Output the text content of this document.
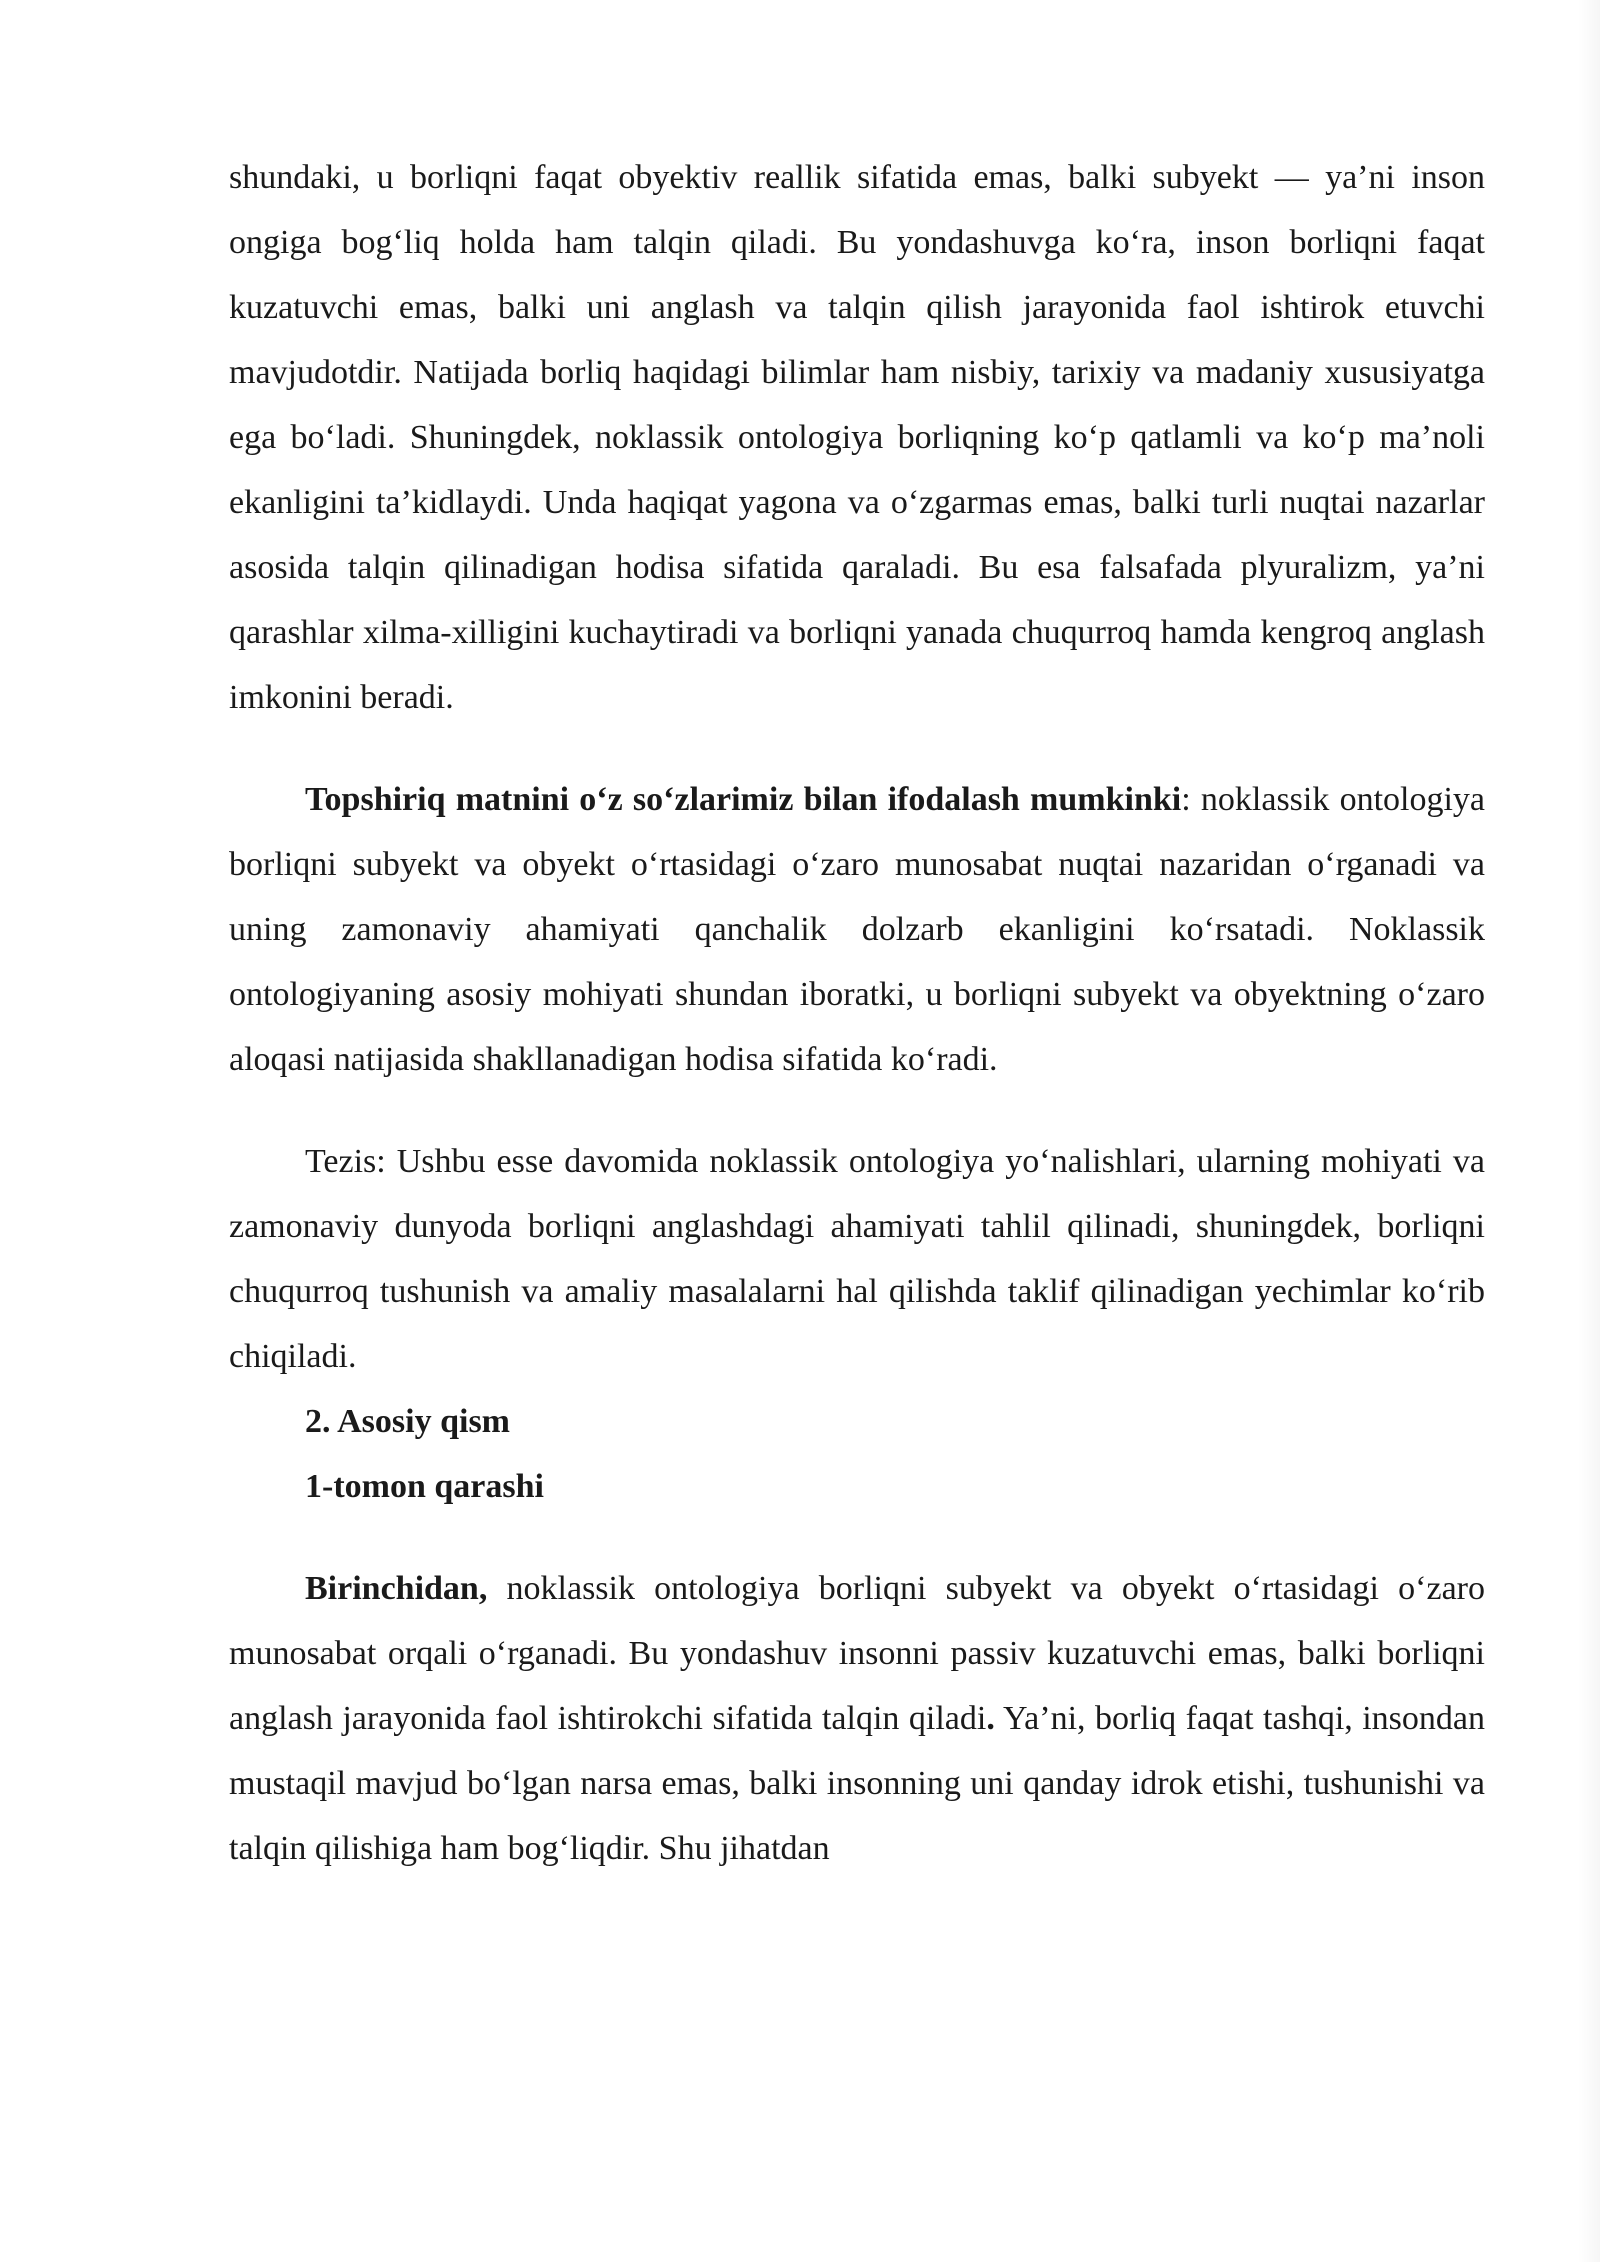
shundaki, u borliqni faqat obyektiv reallik sifatida emas, balki subyekt — ya’ni inson ongiga bog‘liq holda ham talqin qiladi. Bu yondashuvga ko‘ra, inson borliqni faqat kuzatuvchi emas, balki uni anglash va talqin qilish jarayonida faol ishtirok etuvchi mavjudotdir. Natijada borliq haqidagi bilimlar ham nisbiy, tarixiy va madaniy xususiyatga ega bo‘ladi. Shuningdek, noklassik ontologiya borliqning ko‘p qatlamli va ko‘p ma’noli ekanligini ta’kidlaydi. Unda haqiqat yagona va o‘zgarmas emas, balki turli nuqtai nazarlar asosida talqin qilinadigan hodisa sifatida qaraladi. Bu esa falsafada plyuralizm, ya’ni qarashlar xilma-xilligini kuchaytiradi va borliqni yanada chuqurroq hamda kengroq anglash imkonini beradi.

Topshiriq matnini o‘z so‘zlarimiz bilan ifodalash mumkinki: noklassik ontologiya borliqni subyekt va obyekt o‘rtasidagi o‘zaro munosabat nuqtai nazaridan o‘rganadi va uning zamonaviy ahamiyati qanchalik dolzarb ekanligini ko‘rsatadi. Noklassik ontologiyaning asosiy mohiyati shundan iboratki, u borliqni subyekt va obyektning o‘zaro aloqasi natijasida shakllanadigan hodisa sifatida ko‘radi.

Tezis: Ushbu esse davomida noklassik ontologiya yo‘nalishlari, ularning mohiyati va zamonaviy dunyoda borliqni anglashdagi ahamiyati tahlil qilinadi, shuningdek, borliqni chuqurroq tushunish va amaliy masalalarni hal qilishda taklif qilinadigan yechimlar ko‘rib chiqiladi.

2. Asosiy qism

1-tomon qarashi

Birinchidan, noklassik ontologiya borliqni subyekt va obyekt o‘rtasidagi o‘zaro munosabat orqali o‘rganadi. Bu yondashuv insonni passiv kuzatuvchi emas, balki borliqni anglash jarayonida faol ishtirokchi sifatida talqin qiladi. Ya’ni, borliq faqat tashqi, insondan mustaqil mavjud bo‘lgan narsa emas, balki insonning uni qanday idrok etishi, tushunishi va talqin qilishiga ham bog‘liqdir. Shu jihatdan
